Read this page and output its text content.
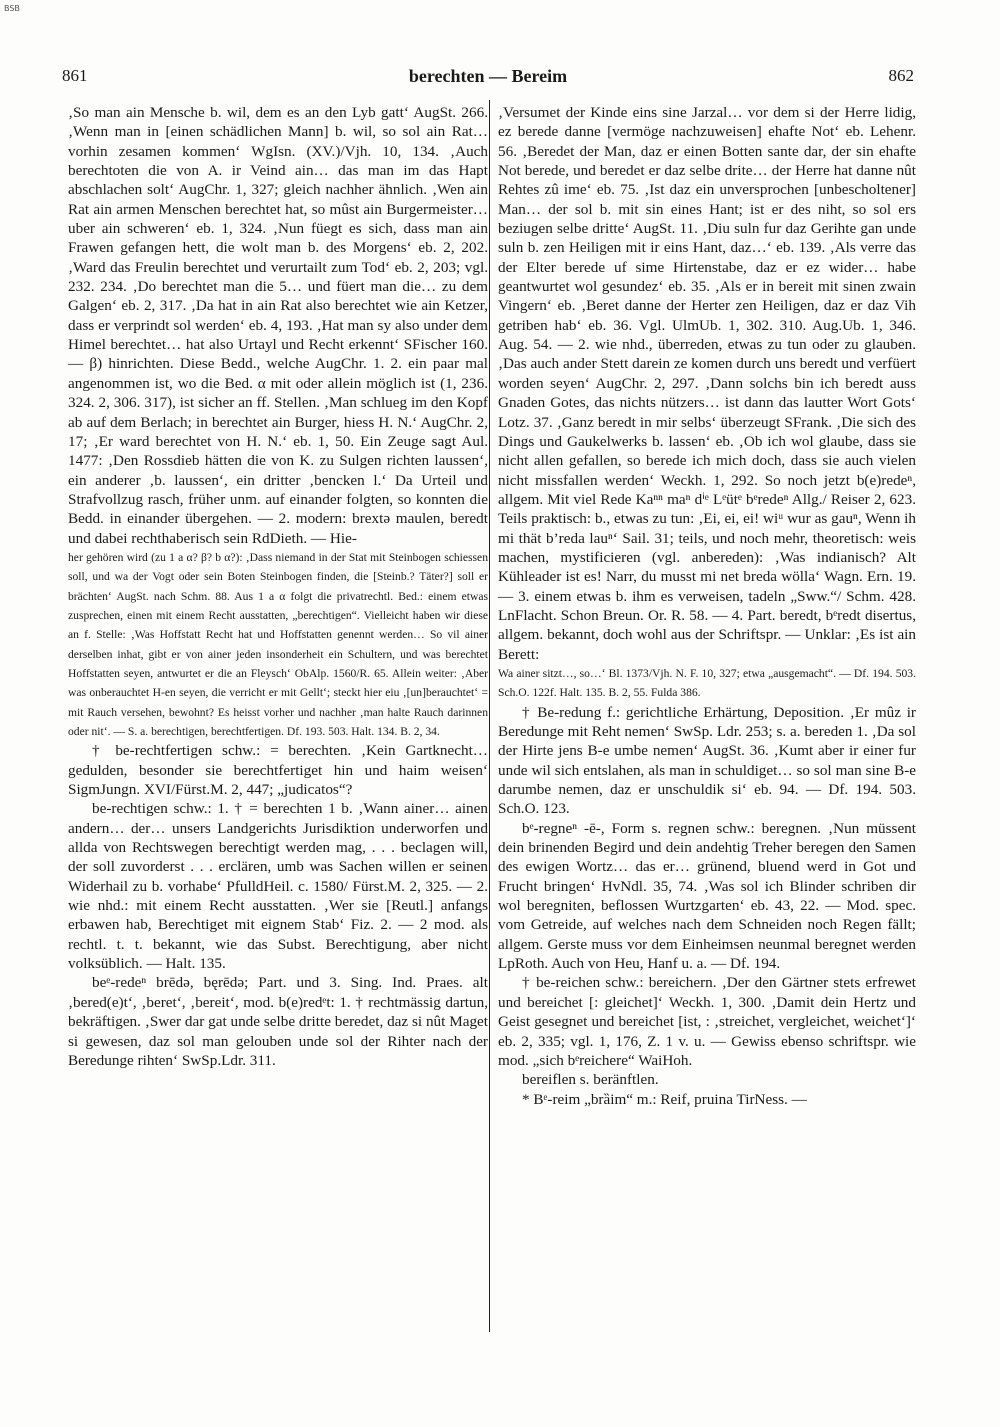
BSB
861	berechten — Bereim	862

‚So man ain Mensche b. wil, dem es an den Lyb gatt‘ AugSt. 266. ‚Wenn man in [einen schädlichen Mann] b. wil, so sol ain Rat… vorhin zesamen kommen‘ WgIsn. (XV.)/Vjh. 10, 134. ‚Auch berechtoten die von A. ir Veind ain… das man im das Hapt abschlachen solt‘ AugChr. 1, 327; gleich nachher ähnlich. ‚Wen ain Rat ain armen Menschen berechtet hat, so mûst ain Burgermeister… uber ain schweren‘ eb. 1, 324. ‚Nun füegt es sich, dass man ain Frawen gefangen hett, die wolt man b. des Morgens‘ eb. 2, 202. ‚Ward das Freulin berechtet und verurtailt zum Tod‘ eb. 2, 203; vgl. 232. 234. ‚Do berechtet man die 5… und füert man die… zu dem Galgen‘ eb. 2, 317. ‚Da hat in ain Rat also berechtet wie ain Ketzer, dass er verprindt sol werden‘ eb. 4, 193. ‚Hat man sy also under dem Himel berechtet… hat also Urtayl und Recht erkennt‘ SFischer 160. — β) hinrichten. Diese Bedd., welche AugChr. 1. 2. ein paar mal angenommen ist, wo die Bed. α mit oder allein möglich ist (1, 236. 324. 2, 306. 317), ist sicher an ff. Stellen. ‚Man schlueg im den Kopf ab auf dem Berlach; in berechtet ain Burger, hiess H. N.‘ AugChr. 2, 17; ‚Er ward berechtet von H. N.‘ eb. 1, 50. Ein Zeuge sagt Aul. 1477: ‚Den Rossdieb hätten die von K. zu Sulgen richten laussen‘, ein anderer ‚b. laussen‘, ein dritter ‚bencken l.‘ Da Urteil und Strafvollzug rasch, früher unm. auf einander folgten, so konnten die Bedd. in einander übergehen. — 2. modern: brextə maulen, beredt und dabei rechthaberisch sein RdDieth. — Hie-

her gehören wird (zu 1 a α? β? b α?): ‚Dass niemand in der Stat mit Steinbogen schiessen soll, und wa der Vogt oder sein Boten Steinbogen finden, die [Steinb.? Täter?] soll er brächten‘ AugSt. nach Schm. 88. Aus 1 a α folgt die privatrechtl. Bed.: einem etwas zusprechen, einen mit einem Recht ausstatten, „berechtigen“. Vielleicht haben wir diese an f. Stelle: ‚Was Hoffstatt Recht hat und Hoffstatten genennt werden… So vil ainer derselben inhat, gibt er von ainer jeden insonderheit ein Schultern, und was berechtet Hoffstatten seyen, antwurtet er die an Fleysch‘ ObAlp. 1560/R. 65. Allein weiter: ‚Aber was onberauchtet H-en seyen, die verricht er mit Gellt‘; steckt hier eiu ‚[un]berauchtet‘ = mit Rauch versehen, bewohnt? Es heisst vorher und nachher ‚man halte Rauch darinnen oder nit‘. — S. a. berechtigen, berechtfertigen. Df. 193. 503. Halt. 134. B. 2, 34.

† be-rechtfertigen schw.: = berechten. ‚Kein Gartknecht… gedulden, besonder sie berechtfertiget hin und haim weisen‘ SigmJungn. XVI/Fürst.M. 2, 447; „judicatos“?

be-rechtigen schw.: 1. † = berechten 1 b. ‚Wann ainer… ainen andern… der… unsers Landgerichts Jurisdiktion underworfen und allda von Rechtswegen berechtigt werden mag, . . . beclagen will, der soll zuvorderst . . . erclären, umb was Sachen willen er seinen Widerhail zu b. vorhabe‘ PfulldHeil. c. 1580/ Fürst.M. 2, 325. — 2. wie nhd.: mit einem Recht ausstatten. ‚Wer sie [Reutl.] anfangs erbawen hab, Berechtiget mit eignem Stab‘ Fiz. 2. — 2 mod. als rechtl. t. t. bekannt, wie das Subst. Berechtigung, aber nicht volksüblich. — Halt. 135.

beᵉ-redeⁿ brēdə, bęrēdə; Part. und 3. Sing. Ind. Praes. alt ‚bered(e)t‘, ‚beret‘, ‚bereit‘, mod. b(e)redᵉt: 1. † rechtmässig dartun, bekräftigen. ‚Swer dar gat unde selbe dritte beredet, daz si nût Maget si gewesen, daz sol man gelouben unde sol der Rihter nach der Beredunge rihten‘ SwSp.Ldr. 311.

‚Versumet der Kinde eins sine Jarzal… vor dem si der Herre lidig, ez berede danne [vermöge nachzuweisen] ehafte Not‘ eb. Lehenr. 56. ‚Beredet der Man, daz er einen Botten sante dar, der sin ehafte Not berede, und beredet er daz selbe drite… der Herre hat danne nût Rehtes zû ime‘ eb. 75. ‚Ist daz ein unversprochen [unbescholtener] Man… der sol b. mit sin eines Hant; ist er des niht, so sol ers beziugen selbe dritte‘ AugSt. 11. ‚Diu suln fur daz Gerihte gan unde suln b. zen Heiligen mit ir eins Hant, daz…‘ eb. 139. ‚Als verre das der Elter berede uf sime Hirtenstabe, daz er ez wider… habe geantwurtet wol gesundez‘ eb. 35. ‚Als er in bereit mit sinen zwain Vingern‘ eb. ‚Beret danne der Herter zen Heiligen, daz er daz Vih getriben hab‘ eb. 36. Vgl. UlmUb. 1, 302. 310. Aug.Ub. 1, 346. Aug. 54. — 2. wie nhd., überreden, etwas zu tun oder zu glauben. ‚Das auch ander Stett darein ze komen durch uns beredt und verfüert worden seyen‘ AugChr. 2, 297. ‚Dann solchs bin ich beredt auss Gnaden Gotes, das nichts nützers… ist dann das lautter Wort Gots‘ Lotz. 37. ‚Ganz beredt in mir selbs‘ überzeugt SFrank. ‚Die sich des Dings und Gaukelwerks b. lassen‘ eb. ‚Ob ich wol glaube, dass sie nicht allen gefallen, so berede ich mich doch, dass sie auch vielen nicht missfallen werden‘ Weckh. 1, 292. So noch jetzt b(e)redeⁿ, allgem. Mit viel Rede Kaⁿⁿ maⁿ dⁱᵉ Lᵉütᵉ bᵉredeⁿ Allg./ Reiser 2, 623. Teils praktisch: b., etwas zu tun: ‚Ei, ei, ei! wiᵘ wur as gauⁿ, Wenn ih mi thät b’reda lauⁿ‘ Sail. 31; teils, und noch mehr, theoretisch: weis machen, mystificieren (vgl. anbereden): ‚Was indianisch? Alt Kühleader ist es! Narr, du musst mi net breda wölla‘ Wagn. Ern. 19. — 3. einem etwas b. ihm es verweisen, tadeln „Sww.“/ Schm. 428. LnFlacht. Schon Breun. Or. R. 58. — 4. Part. beredt, bᵉredt disertus, allgem. bekannt, doch wohl aus der Schriftspr. — Unklar: ‚Es ist ain Berett:

Wa ainer sitzt…, so…‘ Bl. 1373/Vjh. N. F. 10, 327; etwa „ausgemacht“. — Df. 194. 503. Sch.O. 122f. Halt. 135. B. 2, 55. Fulda 386.

† Be-redung f.: gerichtliche Erhärtung, Deposition. ‚Er mûz ir Beredunge mit Reht nemen‘ SwSp. Ldr. 253; s. a. bereden 1. ‚Da sol der Hirte jens B-e umbe nemen‘ AugSt. 36. ‚Kumt aber ir einer fur unde wil sich entslahen, als man in schuldiget… so sol man sine B-e darumbe nemen, daz er unschuldik si‘ eb. 94. — Df. 194. 503. Sch.O. 123.

bᵉ-regneⁿ -ē-, Form s. regnen schw.: beregnen. ‚Nun müssent dein brinenden Begird und dein andehtig Treher beregen den Samen des ewigen Wortz… das er… grünend, bluend werd in Got und Frucht bringen‘ HvNdl. 35, 74. ‚Was sol ich Blinder schriben dir wol beregniten, beflossen Wurtzgarten‘ eb. 43, 22. — Mod. spec. vom Getreide, auf welches nach dem Schneiden noch Regen fällt; allgem. Gerste muss vor dem Einheimsen neunmal beregnet werden LpRoth. Auch von Heu, Hanf u. a. — Df. 194.

† be-reichen schw.: bereichern. ‚Der den Gärtner stets erfrewet und bereichet [: gleichet]‘ Weckh. 1, 300. ‚Damit dein Hertz und Geist gesegnet und bereichet [ist, : ‚streichet, vergleichet, weichet‘]‘ eb. 2, 335; vgl. 1, 176, Z. 1 v. u. — Gewiss ebenso schriftspr. wie mod. „sich bᵉreichere“ WaiHoh.

bereiflen s. beränftlen.

* Bᵉ-reim „brȁim“ m.: Reif, pruina TirNess. —
